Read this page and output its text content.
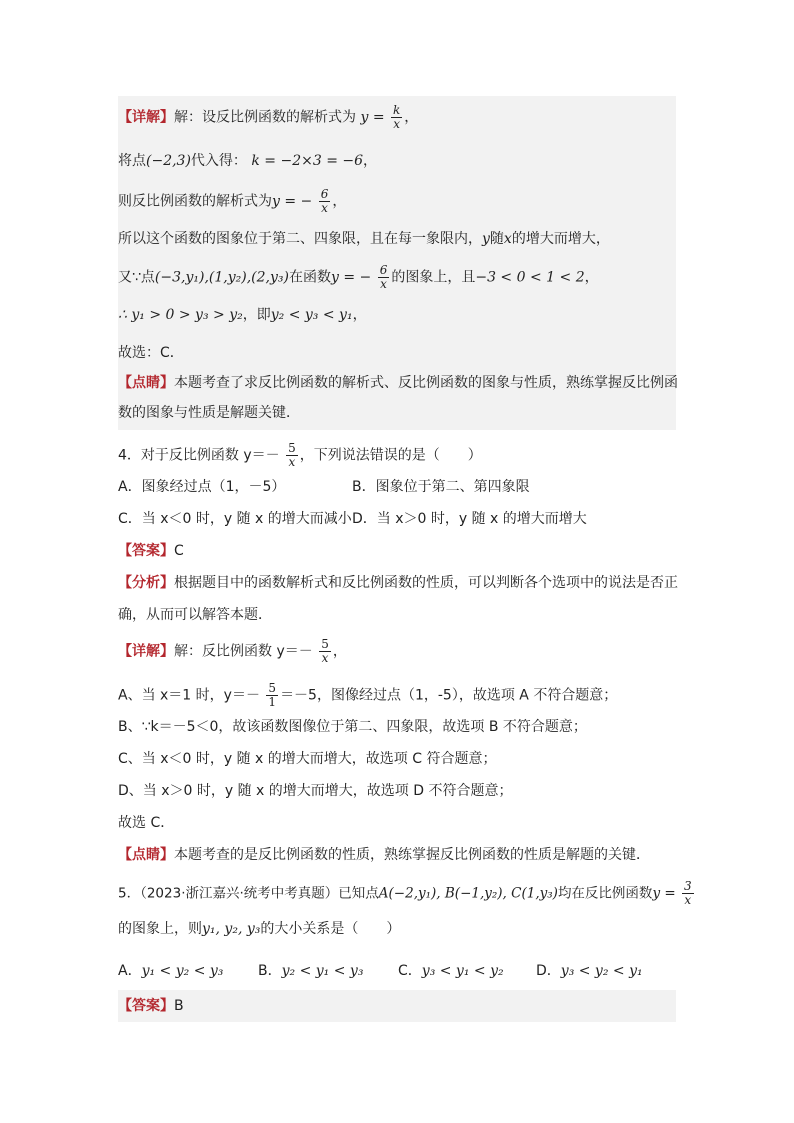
【详解】解：设反比例函数的解析式为 $y = \frac{k}{x}$ ，
将点(−2,3)代入得： k = −2×3 = −6，
则反比例函数的解析式为y = − $\frac{6}{x}$ ，
所以这个函数的图象位于第二、四象限，且在每一象限内，y随x的增大而增大，
又∵点(−3,y₁),(1,y₂),(2,y₃)在函数y = − $\frac{6}{x}$ 的图象上，且−3 < 0 < 1 < 2，
∴ y₁ > 0 > y₃ > y₂，即y₂ < y₃ < y₁，
故选：C．
【点睛】本题考查了求反比例函数的解析式、反比例函数的图象与性质，熟练掌握反比例函
数的图象与性质是解题关键．
4．对于反比例函数 $y=- \frac{5}{x}$ ，下列说法错误的是（　　）
A．图象经过点（1，－5）	B．图象位于第二、第四象限
C．当 x＜0 时，y 随 x 的增大而减小 D．当 x＞0 时，y 随 x 的增大而增大
【答案】C
【分析】根据题目中的函数解析式和反比例函数的性质，可以判断各个选项中的说法是否正
确，从而可以解答本题．
【详解】解：反比例函数 $y=- \frac{5}{x}$ ，
A、当 x＝1 时，$y=- \frac{5}{1} =-5$，图像经过点（1，-5），故选项 A 不符合题意；
B、∵k＝－5＜0，故该函数图像位于第二、四象限，故选项 B 不符合题意；
C、当 x＜0 时，y 随 x 的增大而增大，故选项 C 符合题意；
D、当 x＞0 时，y 随 x 的增大而增大，故选项 D 不符合题意；
故选 C．
【点睛】本题考查的是反比例函数的性质，熟练掌握反比例函数的性质是解题的关键．
5．（2023·浙江嘉兴·统考中考真题）已知点A(−2,y₁), B(−1,y₂), C(1,y₃)均在反比例函数$y = \frac{3}{x}$
的图象上，则y₁, y₂, y₃的大小关系是（　　）
A．y₁ < y₂ < y₃ B．y₂ < y₁ < y₃ C．y₃ < y₁ < y₂ D．y₃ < y₂ < y₁
【答案】B
